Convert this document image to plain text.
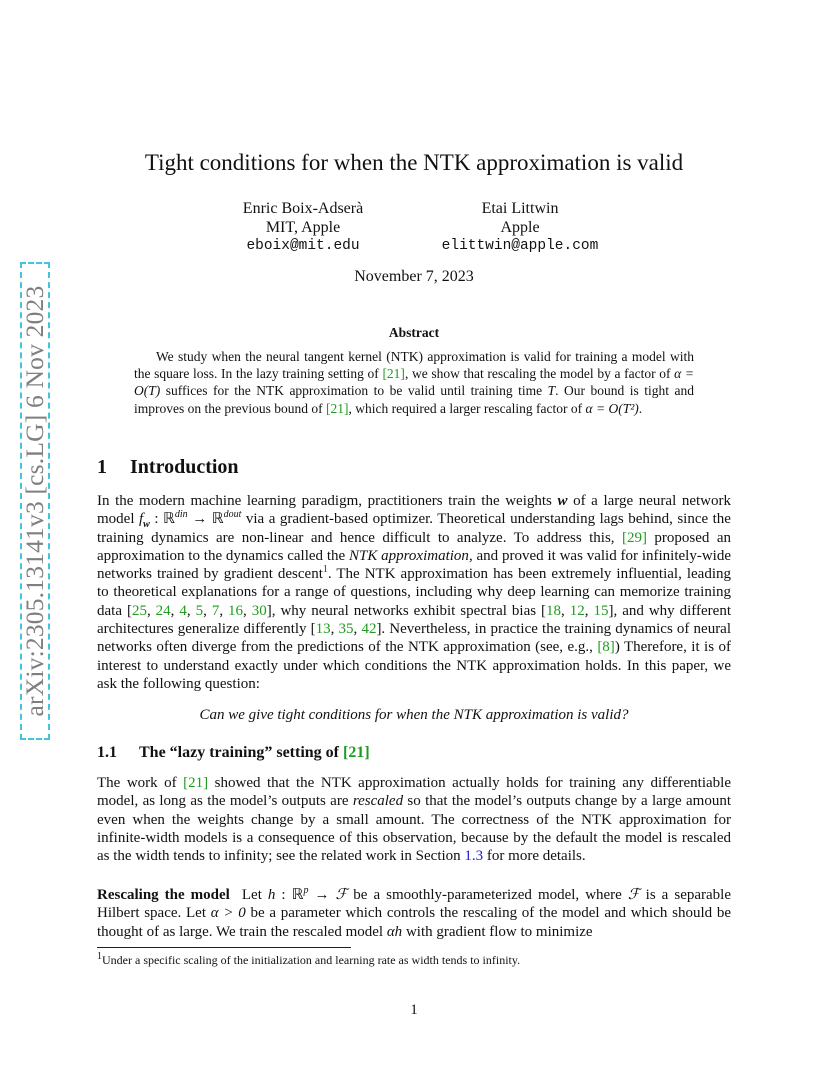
arXiv:2305.13141v3 [cs.LG] 6 Nov 2023
Tight conditions for when the NTK approximation is valid
Enric Boix-Adserà
MIT, Apple
eboix@mit.edu
Etai Littwin
Apple
elittwin@apple.com
November 7, 2023
Abstract

We study when the neural tangent kernel (NTK) approximation is valid for training a model with the square loss. In the lazy training setting of [21], we show that rescaling the model by a factor of α = O(T) suffices for the NTK approximation to be valid until training time T. Our bound is tight and improves on the previous bound of [21], which required a larger rescaling factor of α = O(T²).

1 Introduction

In the modern machine learning paradigm, practitioners train the weights w of a large neural network model $f_w$ : ℝ$^{din}$ → ℝ$^{dout}$ via a gradient-based optimizer. Theoretical understanding lags behind, since the training dynamics are non-linear and hence difficult to analyze. To address this, [29] proposed an approximation to the dynamics called the NTK approximation, and proved it was valid for infinitely-wide networks trained by gradient descent$^1$. The NTK approximation has been extremely influential, leading to theoretical explanations for a range of questions, including why deep learning can memorize training data [25, 24, 4, 5, 7, 16, 30], why neural networks exhibit spectral bias [18, 12, 15], and why different architectures generalize differently [13, 35, 42]. Nevertheless, in practice the training dynamics of neural networks often diverge from the predictions of the NTK approximation (see, e.g., [8]) Therefore, it is of interest to understand exactly under which conditions the NTK approximation holds. In this paper, we ask the following question:

Can we give tight conditions for when the NTK approximation is valid?
1.1 The “lazy training” setting of [21]

The work of [21] showed that the NTK approximation actually holds for training any differentiable model, as long as the model’s outputs are rescaled so that the model’s outputs change by a large amount even when the weights change by a small amount. The correctness of the NTK approximation for infinite-width models is a consequence of this observation, because by the default the model is rescaled as the width tends to infinity; see the related work in Section 1.3 for more details.

Rescaling the model  Let h : ℝ$^p$ → ℱ be a smoothly-parameterized model, where ℱ is a separable Hilbert space. Let α > 0 be a parameter which controls the rescaling of the model and which should be thought of as large. We train the rescaled model αh with gradient flow to minimize

$^1$Under a specific scaling of the initialization and learning rate as width tends to infinity.
1
